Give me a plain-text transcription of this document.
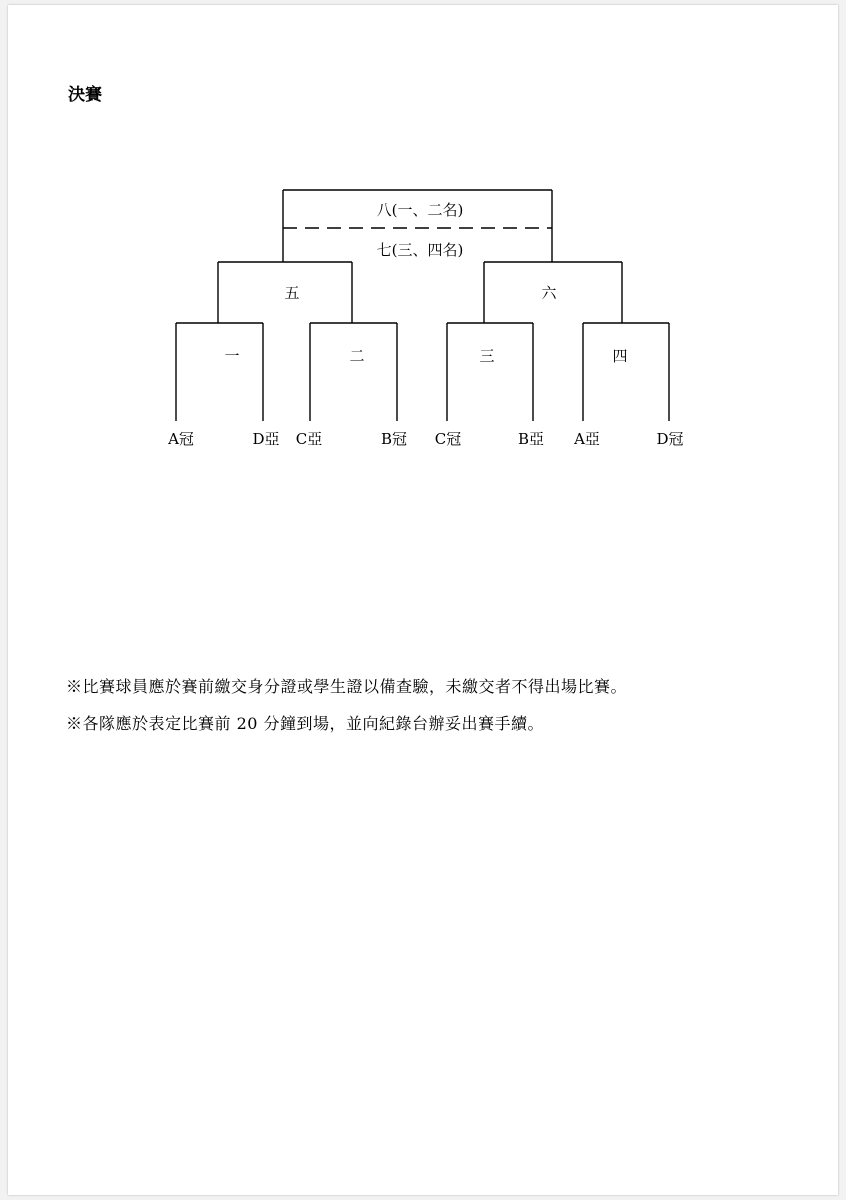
決賽
八(一、二名)
七(三、四名)
五	六
一	二	三	四
A冠	D亞 C亞	B冠 C冠	B亞 A亞	D冠

※比賽球員應於賽前繳交身分證或學生證以備查驗，未繳交者不得出場比賽。

※各隊應於表定比賽前 20 分鐘到場，並向紀錄台辦妥出賽手續。
